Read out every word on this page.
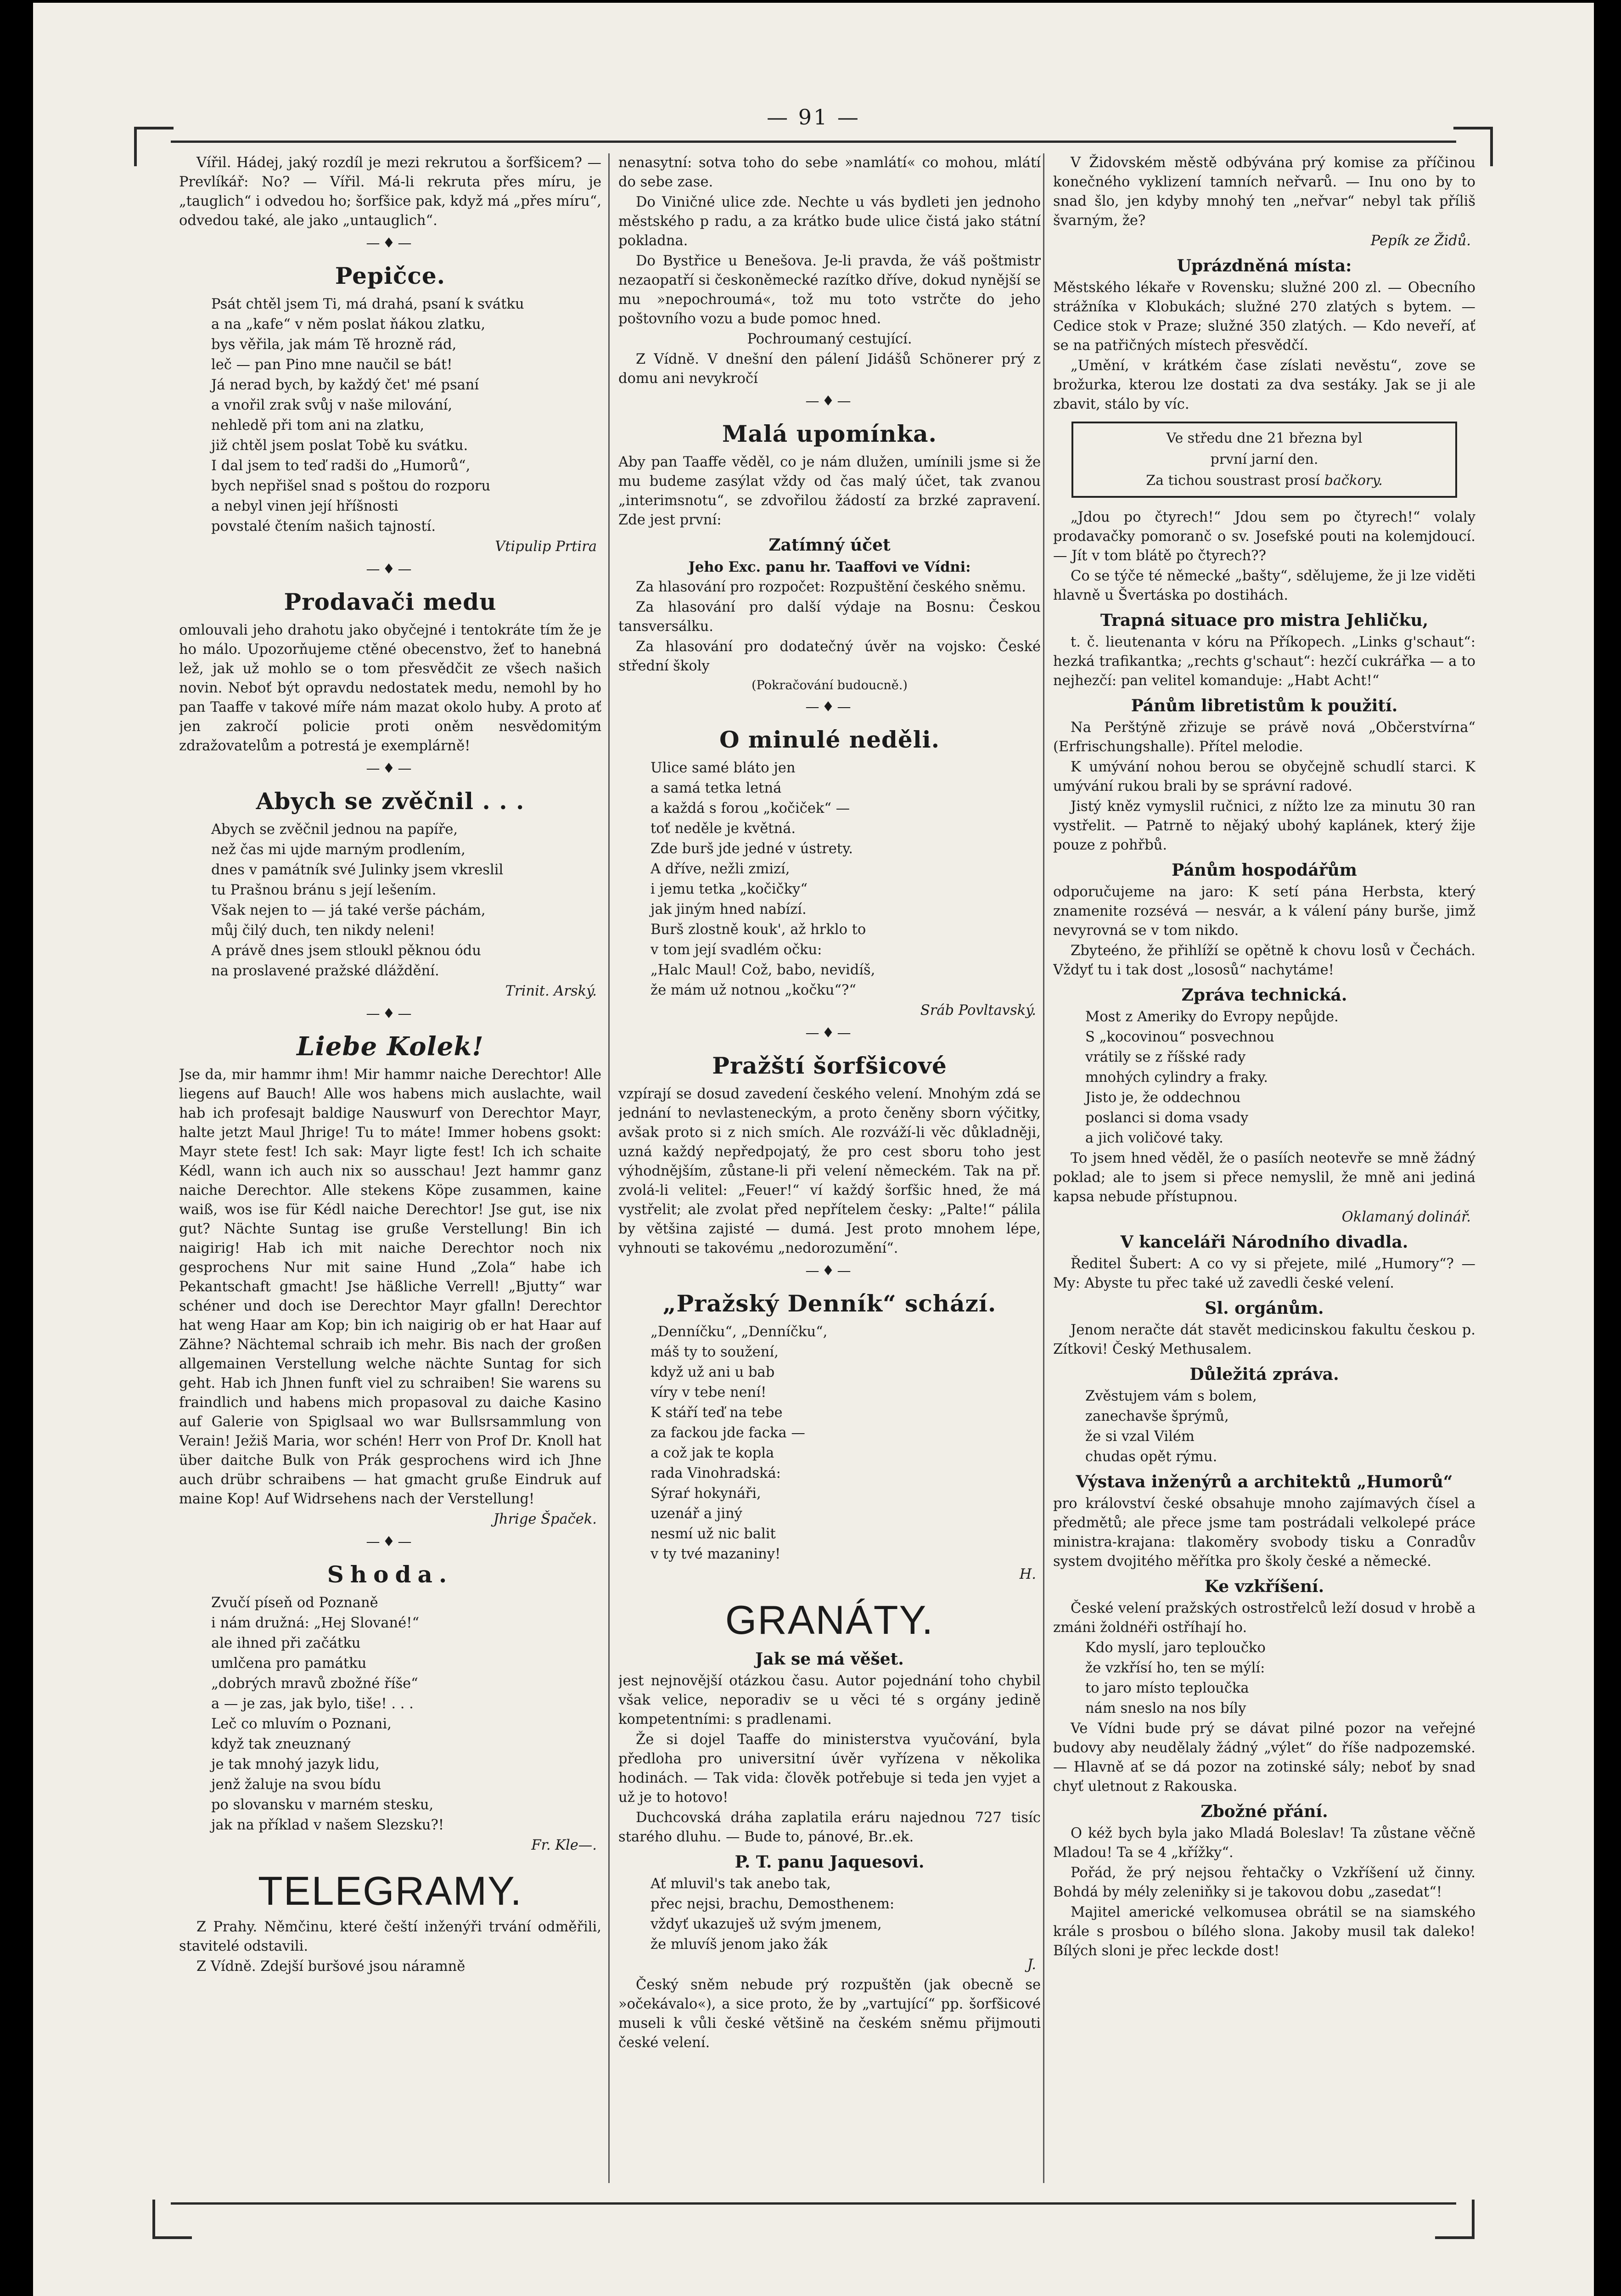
— 91 —

Vířil. Hádej, jaký rozdíl je mezi rekrutou a šorfšicem? — Prevlíkář: No? — Vířil. Má-li rekruta přes míru, je „tauglich“ i odvedou ho; šorfšice pak, když má „přes míru“, odvedou také, ale jako „untauglich“.

—♦—
Pepičce.

Psát chtěl jsem Ti, má drahá, psaní k svátku

a na „kafe“ v něm poslat ňákou zlatku,

bys věřila, jak mám Tě hrozně rád,

leč — pan Pino mne naučil se bát!

Já nerad bych, by každý čet' mé psaní

a vnořil zrak svůj v naše milování,

nehledě při tom ani na zlatku,

již chtěl jsem poslat Tobě ku svátku.

I dal jsem to teď radši do „Humorů“,

bych nepřišel snad s poštou do rozporu

a nebyl vinen její hříšnosti

povstalé čtením našich tajností.

Vtipulip Prtira

—♦—
Prodavači medu

omlouvali jeho drahotu jako obyčejné i tentokráte tím že je ho málo. Upozorňujeme ctěné obecenstvo, žeť to hanebná lež, jak už mohlo se o tom přesvědčit ze všech našich novin. Neboť být opravdu nedostatek medu, nemohl by ho pan Taaffe v takové míře nám mazat okolo huby. A proto ať jen zakročí policie proti oněm nesvědomitým zdražovatelům a potrestá je exemplárně!

—♦—
Abych se zvěčnil . . .

Abych se zvěčnil jednou na papíře,

než čas mi ujde marným prodlením,

dnes v památník své Julinky jsem vkreslil

tu Prašnou bránu s její lešením.

Však nejen to — já také verše páchám,

můj čilý duch, ten nikdy neleni!

A právě dnes jsem stloukl pěknou ódu

na proslavené pražské dláždění.

Trinit. Arský.

—♦—
Liebe Kolek!

Jse da, mir hammr ihm! Mir hammr naiche Derechtor! Alle liegens auf Bauch! Alle wos habens mich auslachte, wail hab ich profesajt baldige Nauswurf von Derechtor Mayr, halte jetzt Maul Jhrige! Tu to máte! Immer hobens gsokt: Mayr stete fest! Ich sak: Mayr ligte fest! Ich ich schaite Kédl, wann ich auch nix so ausschau! Jezt hammr ganz naiche Derechtor. Alle stekens Köpe zusammen, kaine waiß, wos ise für Kédl naiche Derechtor! Jse gut, ise nix gut? Nächte Suntag ise gruße Verstellung! Bin ich naigirig! Hab ich mit naiche Derechtor noch nix gesprochens Nur mit saine Hund „Zola“ habe ich Pekantschaft gmacht! Jse häßliche Verrell! „Bjutty“ war schéner und doch ise Derechtor Mayr gfalln! Derechtor hat weng Haar am Kop; bin ich naigirig ob er hat Haar auf Zähne? Nächtemal schraib ich mehr. Bis nach der großen allgemainen Verstellung welche nächte Suntag for sich geht. Hab ich Jhnen funft viel zu schraiben! Sie warens su fraindlich und habens mich propasoval zu daiche Kasino auf Galerie von Spiglsaal wo war Bullsrsammlung von Verain! Ježiš Maria, wor schén! Herr von Prof Dr. Knoll hat über daitche Bulk von Prák gesprochens wird ich Jhne auch drübr schraibens — hat gmacht gruße Eindruk auf maine Kop! Auf Widrsehens nach der Verstellung!

Jhrige Špaček.

—♦—
Shoda.

Zvučí píseň od Poznaně

i nám družná: „Hej Slované!“

ale ihned při začátku

umlčena pro památku

„dobrých mravů zbožné říše“

a — je zas, jak bylo, tiše! . . .

Leč co mluvím o Poznani,

když tak zneuznaný

je tak mnohý jazyk lidu,

jenž žaluje na svou bídu

po slovansku v marném stesku,

jak na příklad v našem Slezsku?!

Fr. Kle—.

TELEGRAMY.

Z Prahy. Němčinu, které čeští inženýři trvání odměřili, stavitelé odstavili.

Z Vídně. Zdejší buršové jsou náramně

nenasytní: sotva toho do sebe »namlátí« co mohou, mlátí do sebe zase.

Do Viničné ulice zde. Nechte u vás bydleti jen jednoho městského p radu, a za krátko bude ulice čistá jako státní pokladna.

Do Bystřice u Benešova. Je-li pravda, že váš poštmistr nezaopatří si českoněmecké razítko dříve, dokud nynější se mu »nepochroumá«, tož mu toto vstrčte do jeho poštovního vozu a bude pomoc hned.

Pochroumaný cestující.

Z Vídně. V dnešní den pálení Jidášů Schönerer prý z domu ani nevykročí

—♦—
Malá upomínka.

Aby pan Taaffe věděl, co je nám dlužen, umínili jsme si že mu budeme zasýlat vždy od čas malý účet, tak zvanou „interimsnotu“, se zdvořilou žádostí za brzké zapravení. Zde jest první:

Zatímný účet

Jeho Exc. panu hr. Taaffovi ve Vídni:

Za hlasování pro rozpočet: Rozpuštění českého sněmu.

Za hlasování pro další výdaje na Bosnu: Českou tansversálku.

Za hlasování pro dodatečný úvěr na vojsko: České střední školy

(Pokračování budoucně.)

—♦—
O minulé neděli.

Ulice samé bláto jen

a samá tetka letná

a každá s forou „kočiček“ —

toť neděle je květná.

Zde burš jde jedné v ústrety.

A dříve, nežli zmizí,

i jemu tetka „kočičky“

jak jiným hned nabízí.

Burš zlostně kouk', až hrklo to

v tom její svadlém očku:

„Halc Maul! Což, babo, nevidíš,

že mám už notnou „kočku“?“

Sráb Povltavský.

—♦—
Pražští šorfšicové

vzpírají se dosud zavedení českého velení. Mnohým zdá se jednání to nevlasteneckým, a proto čeněny sborn výčitky, avšak proto si z nich smích. Ale rozváží-li věc důkladněji, uzná každý nepředpojatý, že pro cest sboru toho jest výhodnějším, zůstane-li při velení německém. Tak na př. zvolá-li velitel: „Feuer!“ ví každý šorfšic hned, že má vystřelit; ale zvolat před nepřítelem česky: „Palte!“ pálila by většina zajisté — dumá. Jest proto mnohem lépe, vyhnouti se takovému „nedorozumění“.

—♦—
„Pražský Denník“ schází.

„Denníčku“, „Denníčku“,

máš ty to soužení,

když už ani u bab

víry v tebe není!

K stáří teď na tebe

za fackou jde facka —

a což jak te kopla

rada Vinohradská:

Sýraŕ hokynáři,

uzenář a jiný

nesmí už nic balit

v ty tvé mazaniny!

H.

GRANÁTY.
Jak se má věšet.

jest nejnovější otázkou času. Autor pojednání toho chybil však velice, neporadiv se u věci té s orgány jedině kompetentními: s pradlenami.

Že si dojel Taaffe do ministerstva vyučování, byla předloha pro universitní úvěr vyřízena v několika hodinách. — Tak vida: člověk potřebuje si teda jen vyjet a už je to hotovo!

Duchcovská dráha zaplatila eráru najednou 727 tisíc starého dluhu. — Bude to, pánové, Br..ek.

P. T. panu Jaquesovi.

Ať mluvil's tak anebo tak,

přec nejsi, brachu, Demosthenem:

vždyť ukazuješ už svým jmenem,

že mluvíš jenom jako žák

J.

Český sněm nebude prý rozpuštěn (jak obecně se »očekávalo«), a sice proto, že by „vartující“ pp. šorfšicové museli k vůli české většině na českém sněmu přijmouti české velení.

V Židovském městě odbývána prý komise za příčinou konečného vyklizení tamních neřvarů. — Inu ono by to snad šlo, jen kdyby mnohý ten „neřvar“ nebyl tak příliš švarným, že?

Pepík ze Židů.

Uprázdněná místa:

Městského lékaře v Rovensku; služné 200 zl. — Obecního strážníka v Klobukách; služné 270 zlatých s bytem. — Cedice stok v Praze; služné 350 zlatých. — Kdo neveří, ať se na patřičných místech přesvědčí.

„Umění, v krátkém čase zíslati nevěstu“, zove se brožurka, kterou lze dostati za dva sestáky. Jak se ji ale zbavit, stálo by víc.

Ve středu dne 21 března byl
první jarní den.
Za tichou soustrast prosí bačkory.

„Jdou po čtyrech!“ Jdou sem po čtyrech!“ volaly prodavačky pomoranč o sv. Josefské pouti na kolemjdoucí. — Jít v tom blátě po čtyrech??

Co se týče té německé „bašty“, sdělujeme, že ji lze viděti hlavně u Švertáska po dostihách.

Trapná situace pro mistra Jehličku,

t. č. lieutenanta v kóru na Příkopech. „Links g'schaut“: hezká trafikantka; „rechts g'schaut“: hezčí cukrářka — a to nejhezčí: pan velitel komanduje: „Habt Acht!“

Pánům libretistům k použití.

Na Perštýně zřizuje se právě nová „Občerstvírna“ (Erfrischungshalle). Přítel melodie.

K umývání nohou berou se obyčejně schudlí starci. K umývání rukou brali by se správní radové.

Jistý kněz vymyslil ručnici, z nížto lze za minutu 30 ran vystřelit. — Patrně to nějaký ubohý kaplánek, který žije pouze z pohřbů.

Pánům hospodářům

odporučujeme na jaro: K setí pána Herbsta, který znamenite rozsévá — nesvár, a k válení pány burše, jimž nevyrovná se v tom nikdo.

Zbyteéno, že přihlíží se opětně k chovu losů v Čechách. Vždyť tu i tak dost „lososů“ nachytáme!

Zpráva technická.

Most z Ameriky do Evropy nepůjde.

S „kocovinou“ posvechnou

vrátily se z říšské rady

mnohých cylindry a fraky.

Jisto je, že oddechnou

poslanci si doma vsady

a jich voličové taky.

To jsem hned věděl, že o pasíích neotevře se mně žádný poklad; ale to jsem si přece nemyslil, že mně ani jediná kapsa nebude přístupnou.

Oklamaný dolinář.

V kanceláři Národního divadla.

Ředitel Šubert: A co vy si přejete, milé „Humory“? — My: Abyste tu přec také už zavedli české velení.

Sl. orgánům.

Jenom neračte dát stavět medicinskou fakultu českou p. Zítkovi! Český Methusalem.

Důležitá zpráva.

Zvěstujem vám s bolem,

zanechavše šprýmů,

že si vzal Vilém

chudas opět rýmu.

Výstava inženýrů a architektů „Humorů“

pro království české obsahuje mnoho zajímavých čísel a předmětů; ale přece jsme tam postrádali velkolepé práce ministra-krajana: tlakoměry svobody tisku a Conradův system dvojitého měřítka pro školy české a německé.

Ke vzkříšení.

České velení pražských ostrostřelců leží dosud v hrobě a zmáni žoldnéři ostříhají ho.

Kdo myslí, jaro teploučko

že vzkřísí ho, ten se mýlí:

to jaro místo teploučka

nám sneslo na nos bíly

Ve Vídni bude prý se dávat pilné pozor na veřejné budovy aby neudělaly žádný „výlet“ do říše nadpozemské. — Hlavně ať se dá pozor na zotinské sály; neboť by snad chyť uletnout z Rakouska.

Zbožné přání.

O kéž bych byla jako Mladá Boleslav! Ta zůstane věčně Mladou! Ta se 4 „křížky“.

Pořád, že prý nejsou řehtačky o Vzkříšení už činny. Bohdá by mély zeleniňky si je takovou dobu „zasedat“!

Majitel americké velkomusea obrátil se na siamského krále s prosbou o bílého slona. Jakoby musil tak daleko! Bílých sloni je přec leckde dost!
